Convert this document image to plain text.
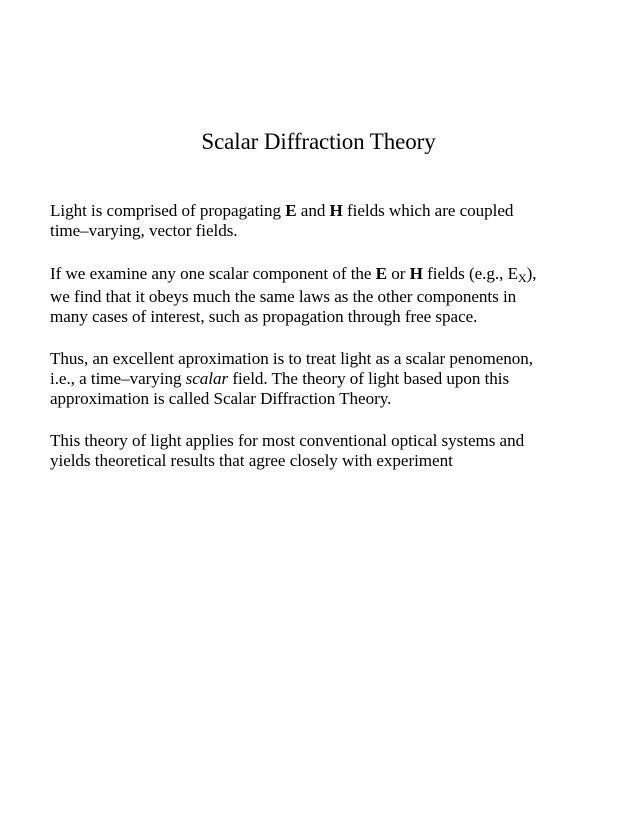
Scalar Diffraction Theory

Light is comprised of propagating E and H fields which are coupled
time–varying, vector fields.

If we examine any one scalar component of the E or H fields (e.g., $E_X$),
we find that it obeys much the same laws as the other components in
many cases of interest, such as propagation through free space.

Thus, an excellent aproximation is to treat light as a scalar penomenon,
i.e., a time–varying scalar field. The theory of light based upon this
approximation is called Scalar Diffraction Theory.

This theory of light applies for most conventional optical systems and
yields theoretical results that agree closely with experiment
